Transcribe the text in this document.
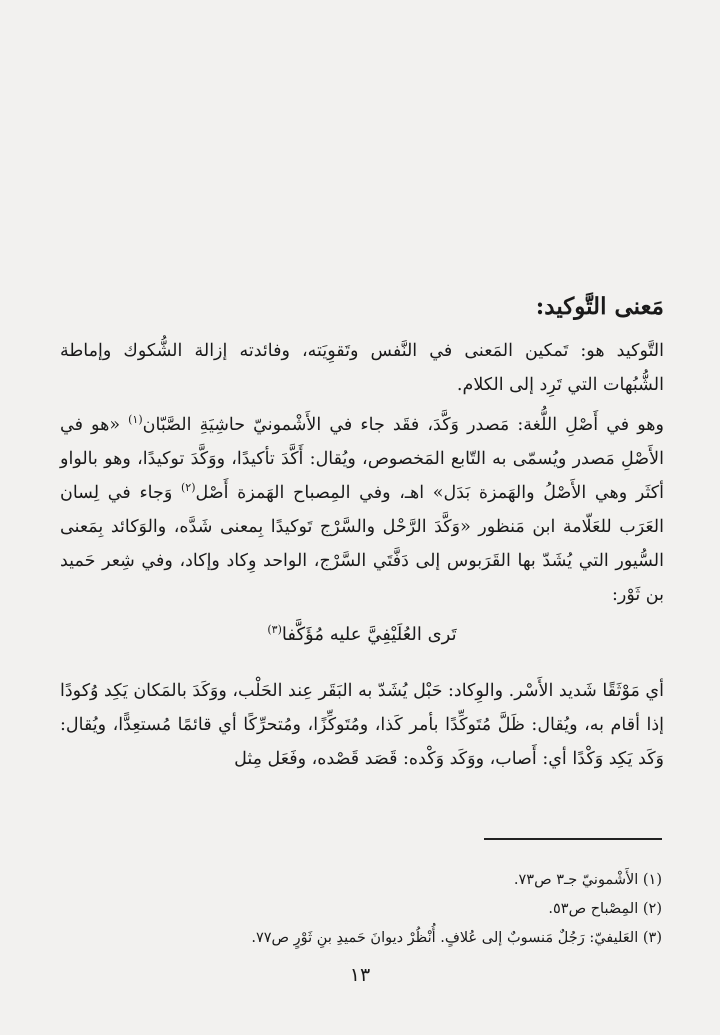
مَعنى التَّوكيد:

التَّوكيد هو: تَمكين المَعنى في النَّفس وتَقوِيَته، وفائدته إزالة الشُّكوك وإماطة الشُّبُهات التي تَرِد إلى الكلام.

وهو في أَصْلِ اللُّغة: مَصدر وَكَّدَ، فقَد جاء في الأَشْمونيّ حاشِيَةِ الصَّبّان$^{(١)}$ «هو في الأَصْلِ مَصدر ويُسمّى به التّابع المَخصوص، ويُقال: أَكَّدَ تأكيدًا، ووَكَّدَ توكيدًا، وهو بالواو أكثَر وهي الأَصْلُ والهَمزة بَدَل» اهـ، وفي المِصباح الهَمزة أَصْل$^{(٢)}$ وَجاء في لِسان العَرَب للعَلّامة ابن مَنظور «وَكَّدَ الرَّحْل والسَّرْج تَوكيدًا بِمعنى شَدَّه، والوَكائد بِمَعنى السُّيور التي يُشَدّ بها القَرَبوس إلى دَفَّتَي السَّرْج، الواحد وِكاد وإكاد، وفي شِعر حَميد بن ثَوْر:

تَرى العُلَيْفِيَّ عليه مُؤَكَّفا$^{(٣)}$

أي مَوْثَقًا شَديد الأَسْر. والوِكاد: حَبْل يُشَدّ به البَقَر عِند الحَلْب، ووَكَدَ بالمَكان يَكِد وُكودًا إذا أقام به، ويُقال: ظَلَّ مُتَوكِّدًا بأمر كَذا، ومُتَوكِّزًا، ومُتحرِّكًا أي قائمًا مُستعِدًّا، ويُقال: وَكَد يَكِد وَكْدًا أي: أَصاب، ووَكَد وَكْده: قَصَد قَصْده، وفَعَل مِثل

(١) الأَشْمونيّ جـ٣ ص٧٣.

(٢) المِصْباح ص٥٣.

(٣) العَليفيّ: رَجُلٌ مَنسوبٌ إلى عُلافٍ. أُنْظُرْ ديوانَ حَميدِ بنِ ثَوْرٍ ص٧٧.

١٣
